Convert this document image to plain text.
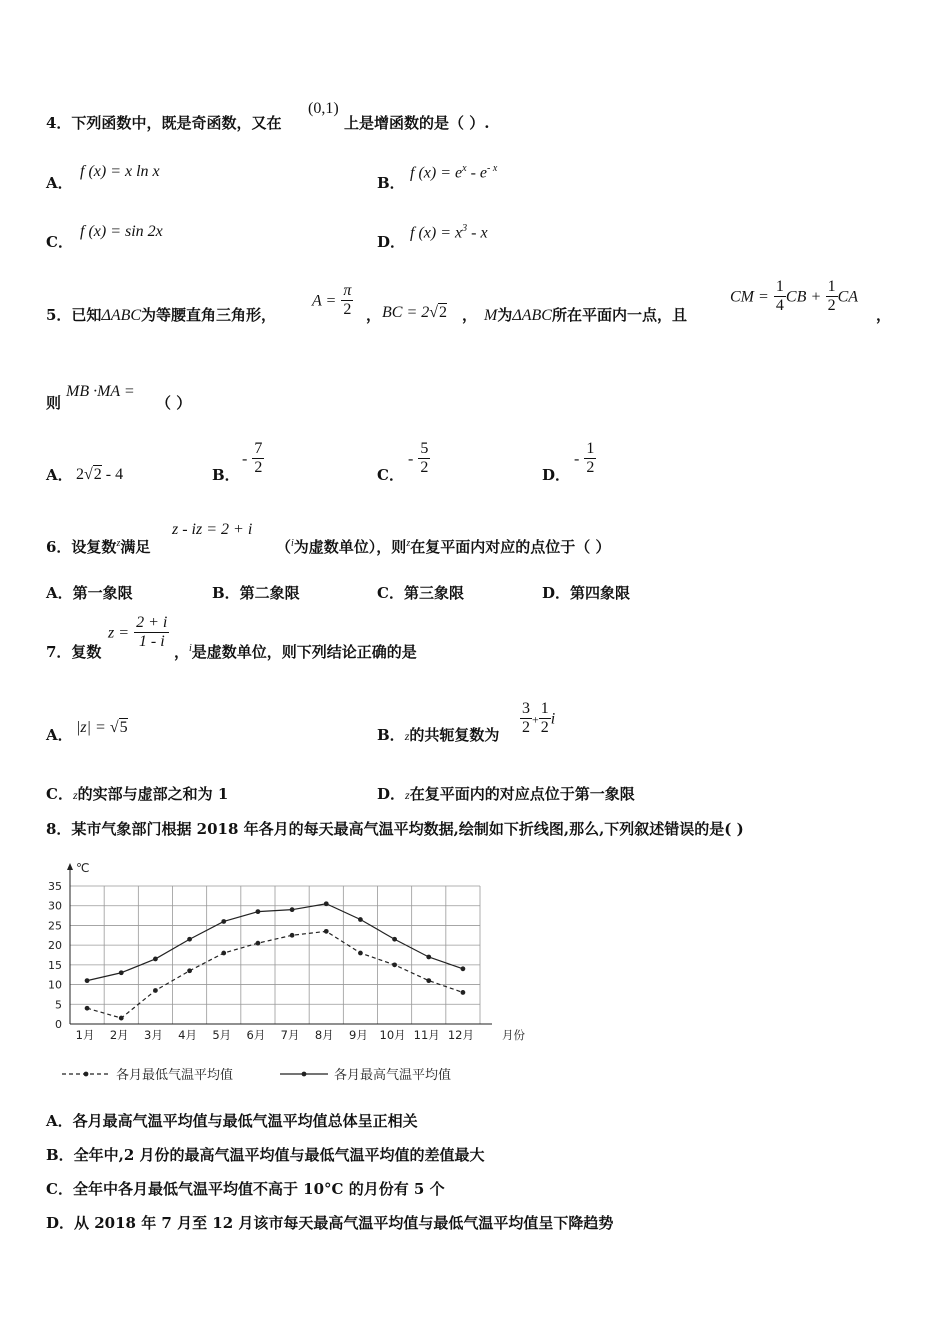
4．下列函数中，既是奇函数，又在
(0,1)
上是增函数的是（ ）.
A．
f (x) = x ln x
B．
f $(x) = e^x - e^{- x}$
C．
f (x) = sin 2x
D．
f $(x) = x^3 - x$
5．已知ΔABC为等腰直角三角形，
$A = \frac{\pi}{2}$ ， BC = 2√2 ， M为ΔABC所在平面内一点，且
CM = $\frac{1}{4}$ CB + $\frac{1}{2}$ CA
，
则
MB ·MA =
（ ）
A． 2√2 - 4	B．
- $\frac{7}{2}$	C．
- $\frac{5}{2}$	D．
- $\frac{1}{2}$
6．设复数$^z$满足
z - iz = 2 + i
（$^i$为虚数单位），则$^z$在复平面内对应的点位于（ ）
A．第一象限	B．第二象限	C．第三象限	D．第四象限
7．复数
$z = \frac{2 + i}{1 - i}$
，$^i$是虚数单位，则下列结论正确的是
A． |z| = √5	B．z的共轭复数为 $\frac{3}{2} + \frac{1}{2}$ i
C．z的实部与虚部之和为 1	D．z在复平面内的对应点位于第一象限
8．某市气象部门根据 2018 年各月的每天最高气温平均数据,绘制如下折线图,那么,下列叙述错误的是( )
0
5
10
15
20
25
30
35
℃
1月 2月 3月 4月 5月 6月 7月 8月 9月 10月 11月 12月 月份
各月最低气温平均值	各月最高气温平均值
A．各月最高气温平均值与最低气温平均值总体呈正相关
B．全年中,2 月份的最高气温平均值与最低气温平均值的差值最大
C．全年中各月最低气温平均值不高于 10°C 的月份有 5 个
D．从 2018 年 7 月至 12 月该市每天最高气温平均值与最低气温平均值呈下降趋势
